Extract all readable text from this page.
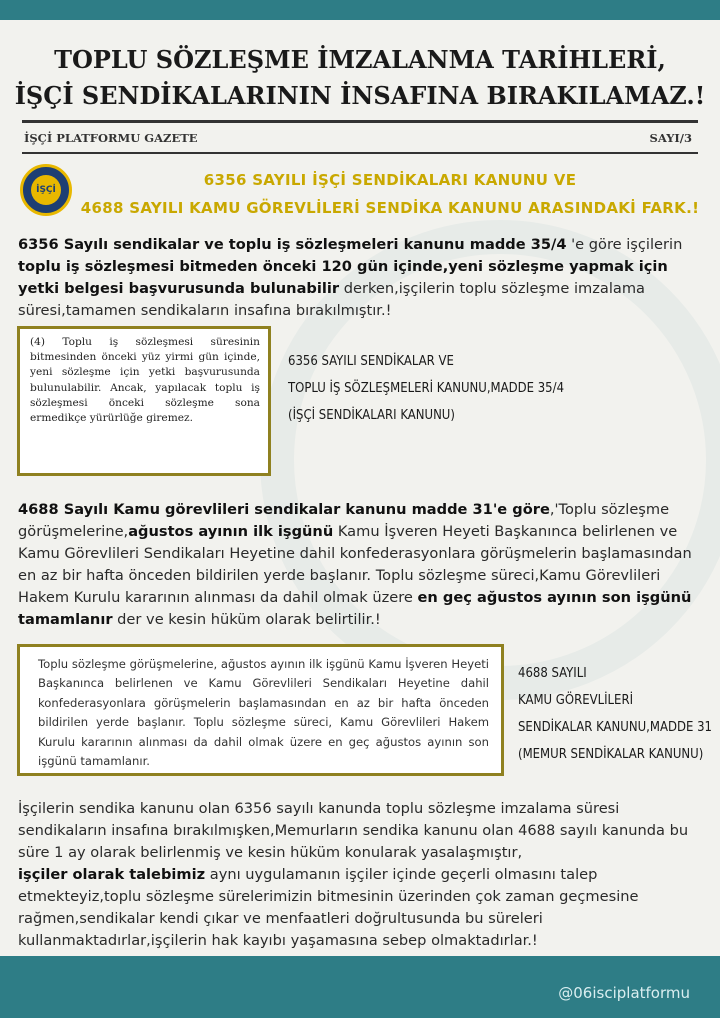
TOPLU SÖZLEŞME İMZALANMA TARİHLERİ,
İŞÇİ SENDİKALARININ İNSAFINA BIRAKILAMAZ.!
İŞÇİ PLATFORMU GAZETE	SAYI/3
İŞÇİ
6356 SAYILI İŞÇİ SENDİKALARI KANUNU VE
4688 SAYILI KAMU GÖREVLİLERİ SENDİKA KANUNU ARASINDAKİ FARK.!
6356 Sayılı sendikalar ve toplu iş sözleşmeleri kanunu madde 35/4 'e göre işçilerin toplu iş sözleşmesi bitmeden önceki 120 gün içinde,yeni sözleşme yapmak için yetki belgesi başvurusunda bulunabilir derken,işçilerin toplu sözleşme imzalama süresi,tamamen sendikaların insafına bırakılmıştır.!
(4) Toplu iş sözleşmesi süresinin bitmesinden önceki yüz yirmi gün içinde, yeni sözleşme için yetki başvurusunda bulunulabilir. Ancak, yapılacak toplu iş sözleşmesi önceki sözleşme sona ermedikçe yürürlüğe giremez.
6356 SAYILI SENDİKALAR VE
TOPLU İŞ SÖZLEŞMELERİ KANUNU,MADDE 35/4
(İŞÇİ SENDİKALARI KANUNU)
4688 Sayılı Kamu görevlileri sendikalar kanunu madde 31'e göre,'Toplu sözleşme görüşmelerine,ağustos ayının ilk işgünü Kamu İşveren Heyeti Başkanınca belirlenen ve Kamu Görevlileri Sendikaları Heyetine dahil konfederasyonlara görüşmelerin başlamasından en az bir hafta önceden bildirilen yerde başlanır. Toplu sözleşme süreci,Kamu Görevlileri Hakem Kurulu kararının alınması da dahil olmak üzere en geç ağustos ayının son işgünü tamamlanır der ve kesin hüküm olarak belirtilir.!
Toplu sözleşme görüşmelerine, ağustos ayının ilk işgünü Kamu İşveren Heyeti Başkanınca belirlenen ve Kamu Görevlileri Sendikaları Heyetine dahil konfederasyonlara görüşmelerin başlamasından en az bir hafta önceden bildirilen yerde başlanır. Toplu sözleşme süreci, Kamu Görevlileri Hakem Kurulu kararının alınması da dahil olmak üzere en geç ağustos ayının son işgünü tamamlanır.
4688 SAYILI
KAMU GÖREVLİLERİ
SENDİKALAR KANUNU,MADDE 31
(MEMUR SENDİKALAR KANUNU)
İşçilerin sendika kanunu olan 6356 sayılı kanunda toplu sözleşme imzalama süresi sendikaların insafına bırakılmışken,Memurların sendika kanunu olan 4688 sayılı kanunda bu süre 1 ay olarak belirlenmiş ve kesin hüküm konularak yasalaşmıştır,
işçiler olarak talebimiz aynı uygulamanın işçiler içinde geçerli olmasını talep etmekteyiz,toplu sözleşme sürelerimizin bitmesinin üzerinden çok zaman geçmesine rağmen,sendikalar kendi çıkar ve menfaatleri doğrultusunda bu süreleri kullanmaktadırlar,işçilerin hak kayıbı yaşamasına sebep olmaktadırlar.!
@06isciplatformu
